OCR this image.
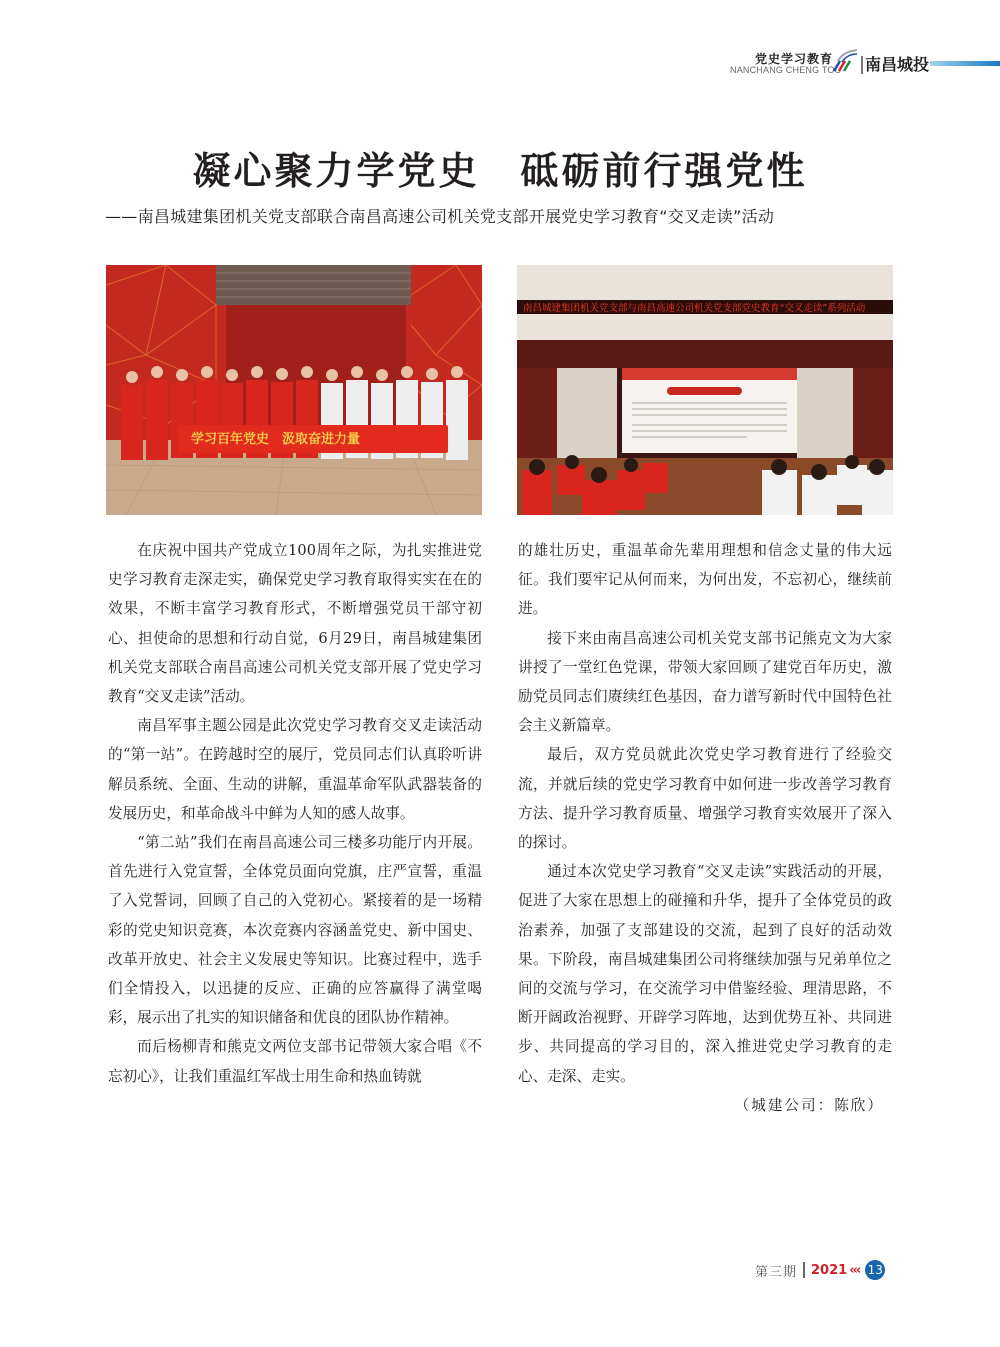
党史学习教育
NANCHANG CHENG TOU 南昌城投
凝心聚力学党史　砥砺前行强党性
——南昌城建集团机关党支部联合南昌高速公司机关党支部开展党史学习教育“交叉走读”活动
学习百年党史　汲取奋进力量
南昌城建集团机关党支部与南昌高速公司机关党支部党史教育“交叉走读”系列活动

在庆祝中国共产党成立100周年之际，为扎实推进党史学习教育走深走实，确保党史学习教育取得实实在在的效果，不断丰富学习教育形式，不断增强党员干部守初心、担使命的思想和行动自觉，6月29日，南昌城建集团机关党支部联合南昌高速公司机关党支部开展了党史学习教育“交叉走读”活动。

南昌军事主题公园是此次党史学习教育交叉走读活动的“第一站”。在跨越时空的展厅，党员同志们认真聆听讲解员系统、全面、生动的讲解，重温革命军队武器装备的发展历史，和革命战斗中鲜为人知的感人故事。

“第二站”我们在南昌高速公司三楼多功能厅内开展。首先进行入党宣誓，全体党员面向党旗，庄严宣誓，重温了入党誓词，回顾了自己的入党初心。紧接着的是一场精彩的党史知识竞赛，本次竞赛内容涵盖党史、新中国史、改革开放史、社会主义发展史等知识。比赛过程中，选手们全情投入，以迅捷的反应、正确的应答赢得了满堂喝彩，展示出了扎实的知识储备和优良的团队协作精神。

而后杨柳青和熊克文两位支部书记带领大家合唱《不忘初心》，让我们重温红军战士用生命和热血铸就

的雄壮历史，重温革命先辈用理想和信念丈量的伟大远征。我们要牢记从何而来，为何出发，不忘初心，继续前进。

接下来由南昌高速公司机关党支部书记熊克文为大家讲授了一堂红色党课，带领大家回顾了建党百年历史，激励党员同志们赓续红色基因，奋力谱写新时代中国特色社会主义新篇章。

最后，双方党员就此次党史学习教育进行了经验交流，并就后续的党史学习教育中如何进一步改善学习教育方法、提升学习教育质量、增强学习教育实效展开了深入的探讨。

通过本次党史学习教育“交叉走读”实践活动的开展，促进了大家在思想上的碰撞和升华，提升了全体党员的政治素养，加强了支部建设的交流，起到了良好的活动效果。下阶段，南昌城建集团公司将继续加强与兄弟单位之间的交流与学习，在交流学习中借鉴经验、理清思路，不断开阔政治视野、开辟学习阵地，达到优势互补、共同进步、共同提高的学习目的，深入推进党史学习教育的走心、走深、走实。

（城建公司：陈欣）

第三期 2021 ‹‹‹ 13
